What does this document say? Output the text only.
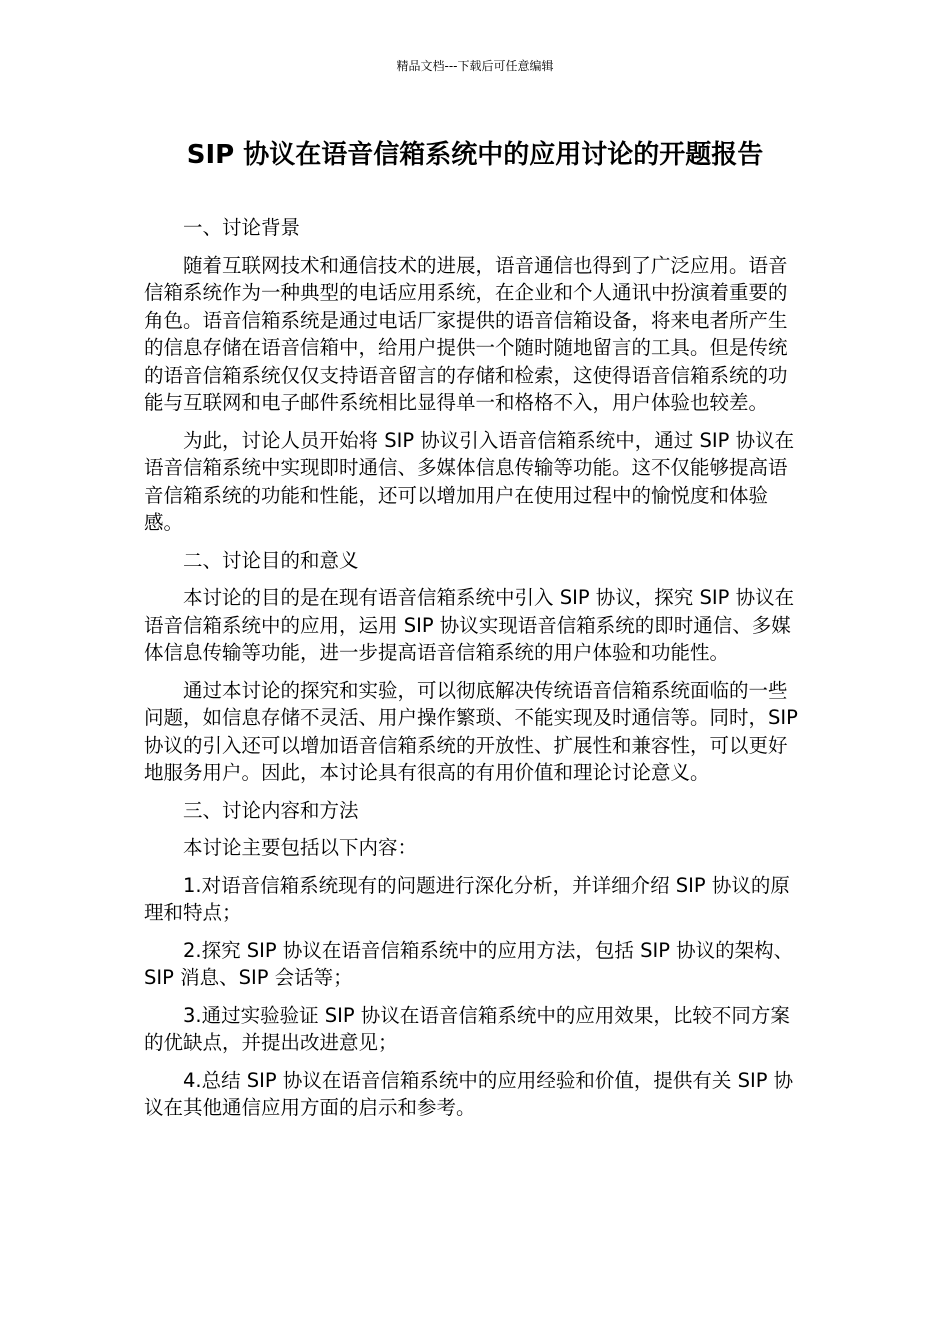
精品文档---下载后可任意编辑
SIP 协议在语音信箱系统中的应用讨论的开题报告

一、讨论背景

随着互联网技术和通信技术的进展，语音通信也得到了广泛应用。语音信箱系统作为一种典型的电话应用系统，在企业和个人通讯中扮演着重要的角色。语音信箱系统是通过电话厂家提供的语音信箱设备，将来电者所产生的信息存储在语音信箱中，给用户提供一个随时随地留言的工具。但是传统的语音信箱系统仅仅支持语音留言的存储和检索，这使得语音信箱系统的功能与互联网和电子邮件系统相比显得单一和格格不入，用户体验也较差。

为此，讨论人员开始将 SIP 协议引入语音信箱系统中，通过 SIP 协议在语音信箱系统中实现即时通信、多媒体信息传输等功能。这不仅能够提高语音信箱系统的功能和性能，还可以增加用户在使用过程中的愉悦度和体验感。

二、讨论目的和意义

本讨论的目的是在现有语音信箱系统中引入 SIP 协议，探究 SIP 协议在语音信箱系统中的应用，运用 SIP 协议实现语音信箱系统的即时通信、多媒体信息传输等功能，进一步提高语音信箱系统的用户体验和功能性。

通过本讨论的探究和实验，可以彻底解决传统语音信箱系统面临的一些问题，如信息存储不灵活、用户操作繁琐、不能实现及时通信等。同时，SIP 协议的引入还可以增加语音信箱系统的开放性、扩展性和兼容性，可以更好地服务用户。因此，本讨论具有很高的有用价值和理论讨论意义。

三、讨论内容和方法

本讨论主要包括以下内容：

1.对语音信箱系统现有的问题进行深化分析，并详细介绍 SIP 协议的原理和特点；

2.探究 SIP 协议在语音信箱系统中的应用方法，包括 SIP 协议的架构、SIP 消息、SIP 会话等；

3.通过实验验证 SIP 协议在语音信箱系统中的应用效果，比较不同方案的优缺点，并提出改进意见；

4.总结 SIP 协议在语音信箱系统中的应用经验和价值，提供有关 SIP 协议在其他通信应用方面的启示和参考。
